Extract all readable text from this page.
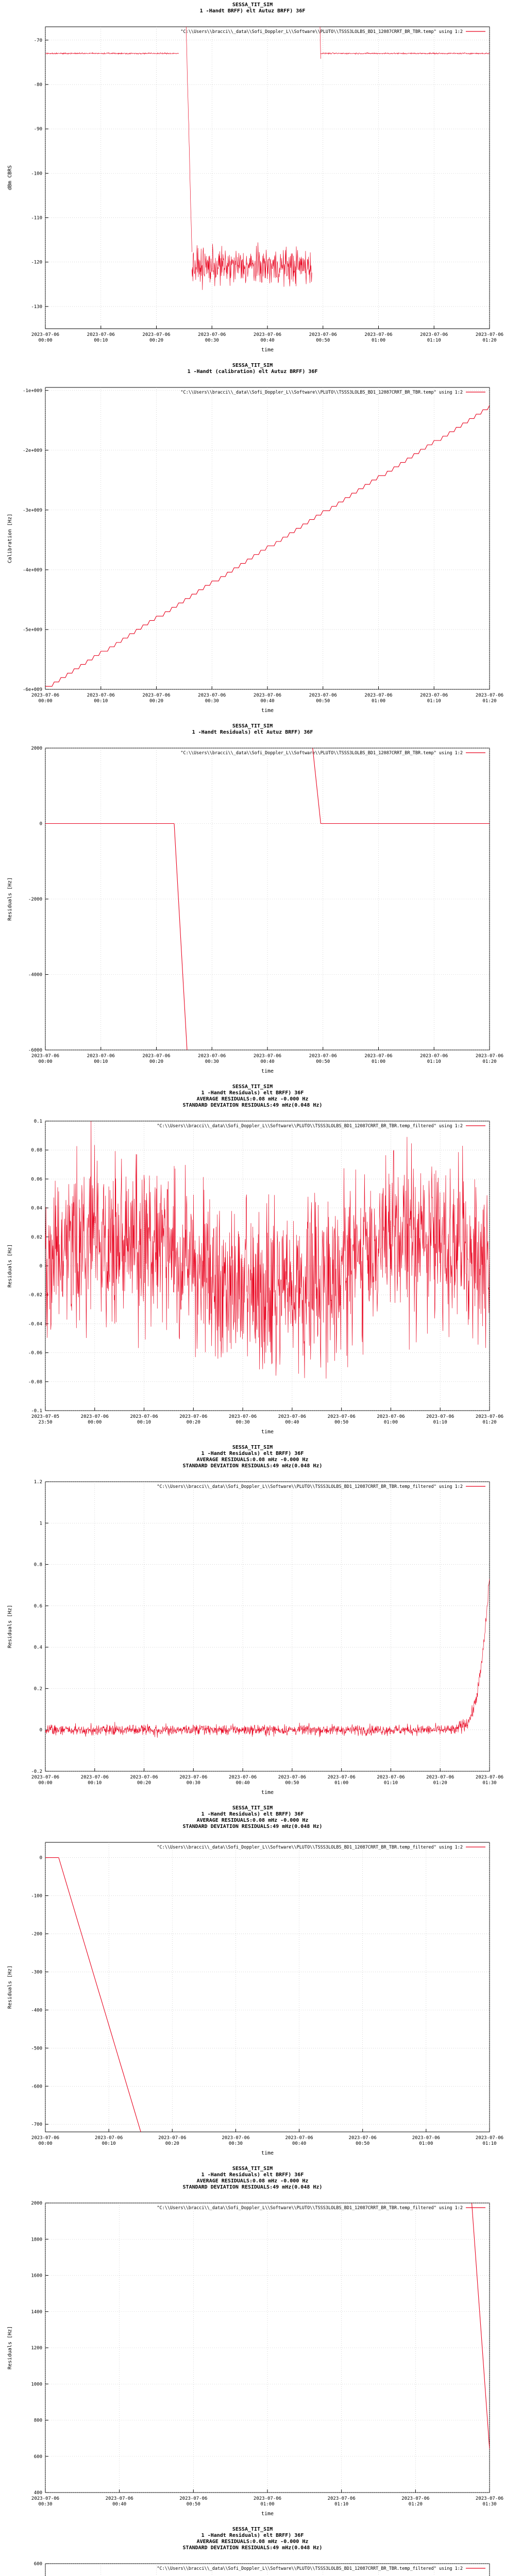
SESSA_TIT_SIM
1 -Handt BRFF) elt Autuz BRFF) 36F
-70
-80
-90
-100
-110
-120
-130
2023-07-06 00:00
2023-07-06 00:10
2023-07-06 00:20
2023-07-06 00:30
2023-07-06 00:40
2023-07-06 00:50
2023-07-06 01:00
2023-07-06 01:10
2023-07-06 01:20
time
dBm CBRS
"C:\\Users\\bracci\\_data\\Sofi_Doppler_L\\Software\\PLUTO\\TSSS3LOLBS_BD1_12087CRRT_BR_TBR.temp" using 1:2
SESSA_TIT_SIM
1 -Handt (calibration) elt Autuz BRFF) 36F
-1e+009
-2e+009
-3e+009
-4e+009
-5e+009
-6e+009
2023-07-06 00:00
2023-07-06 00:10
2023-07-06 00:20
2023-07-06 00:30
2023-07-06 00:40
2023-07-06 00:50
2023-07-06 01:00
2023-07-06 01:10
2023-07-06 01:20
time
Calibration [Hz]
"C:\\Users\\bracci\\_data\\Sofi_Doppler_L\\Software\\PLUTO\\TSSS3LOLBS_BD1_12087CRRT_BR_TBR.temp" using 1:2
SESSA_TIT_SIM
1 -Handt Residuals) elt Autuz BRFF) 36F
2000
0
-2000
-4000
-6000
2023-07-06 00:00
2023-07-06 00:10
2023-07-06 00:20
2023-07-06 00:30
2023-07-06 00:40
2023-07-06 00:50
2023-07-06 01:00
2023-07-06 01:10
2023-07-06 01:20
time
Residuals [Hz]
"C:\\Users\\bracci\\_data\\Sofi_Doppler_L\\Software\\PLUTO\\TSSS3LOLBS_BD1_12087CRRT_BR_TBR.temp" using 1:2
SESSA_TIT_SIM
1 -Handt Residuals) elt BRFF) 36F
AVERAGE RESIDUALS:0.08 mHz -0.000 Hz
STANDARD DEVIATION RESIDUALS:49 mHz(0.048 Hz)
0.1
0.08
0.06
0.04
0.02
0
-0.02
-0.04
-0.06
-0.08
-0.1
2023-07-05 23:50
2023-07-06 00:00
2023-07-06 00:10
2023-07-06 00:20
2023-07-06 00:30
2023-07-06 00:40
2023-07-06 00:50
2023-07-06 01:00
2023-07-06 01:10
2023-07-06 01:20
time
Residuals [Hz]
"C:\\Users\\bracci\\_data\\Sofi_Doppler_L\\Software\\PLUTO\\TSSS3LOLBS_BD1_12087CRRT_BR_TBR.temp_filtered" using 1:2
SESSA_TIT_SIM
1 -Handt Residuals) elt BRFF) 36F
AVERAGE RESIDUALS:0.08 mHz -0.000 Hz
STANDARD DEVIATION RESIDUALS:49 mHz(0.048 Hz)
1.2
1
0.8
0.6
0.4
0.2
0
-0.2
2023-07-06 00:00
2023-07-06 00:10
2023-07-06 00:20
2023-07-06 00:30
2023-07-06 00:40
2023-07-06 00:50
2023-07-06 01:00
2023-07-06 01:10
2023-07-06 01:20
2023-07-06 01:30
time
Residuals [Hz]
"C:\\Users\\bracci\\_data\\Sofi_Doppler_L\\Software\\PLUTO\\TSSS3LOLBS_BD1_12087CRRT_BR_TBR.temp_filtered" using 1:2
SESSA_TIT_SIM
1 -Handt Residuals) elt BRFF) 36F
AVERAGE RESIDUALS:0.08 mHz -0.000 Hz
STANDARD DEVIATION RESIDUALS:49 mHz(0.048 Hz)
0
-100
-200
-300
-400
-500
-600
-700
2023-07-06 00:00
2023-07-06 00:10
2023-07-06 00:20
2023-07-06 00:30
2023-07-06 00:40
2023-07-06 00:50
2023-07-06 01:00
2023-07-06 01:10
time
Residuals [Hz]
"C:\\Users\\bracci\\_data\\Sofi_Doppler_L\\Software\\PLUTO\\TSSS3LOLBS_BD1_12087CRRT_BR_TBR.temp_filtered" using 1:2
SESSA_TIT_SIM
1 -Handt Residuals) elt BRFF) 36F
AVERAGE RESIDUALS:0.08 mHz -0.000 Hz
STANDARD DEVIATION RESIDUALS:49 mHz(0.048 Hz)
2000
1800
1600
1400
1200
1000
800
600
400
2023-07-06 00:30
2023-07-06 00:40
2023-07-06 00:50
2023-07-06 01:00
2023-07-06 01:10
2023-07-06 01:20
2023-07-06 01:30
time
Residuals [Hz]
"C:\\Users\\bracci\\_data\\Sofi_Doppler_L\\Software\\PLUTO\\TSSS3LOLBS_BD1_12087CRRT_BR_TBR.temp_filtered" using 1:2
SESSA_TIT_SIM
1 -Handt Residuals) elt BRFF) 36F
AVERAGE RESIDUALS:0.08 mHz -0.000 Hz
STANDARD DEVIATION RESIDUALS:49 mHz(0.048 Hz)
600
"C:\\Users\\bracci\\_data\\Sofi_Doppler_L\\Software\\PLUTO\\TSSS3LOLBS_BD1_12087CRRT_BR_TBR.temp_filtered" using 1:2
